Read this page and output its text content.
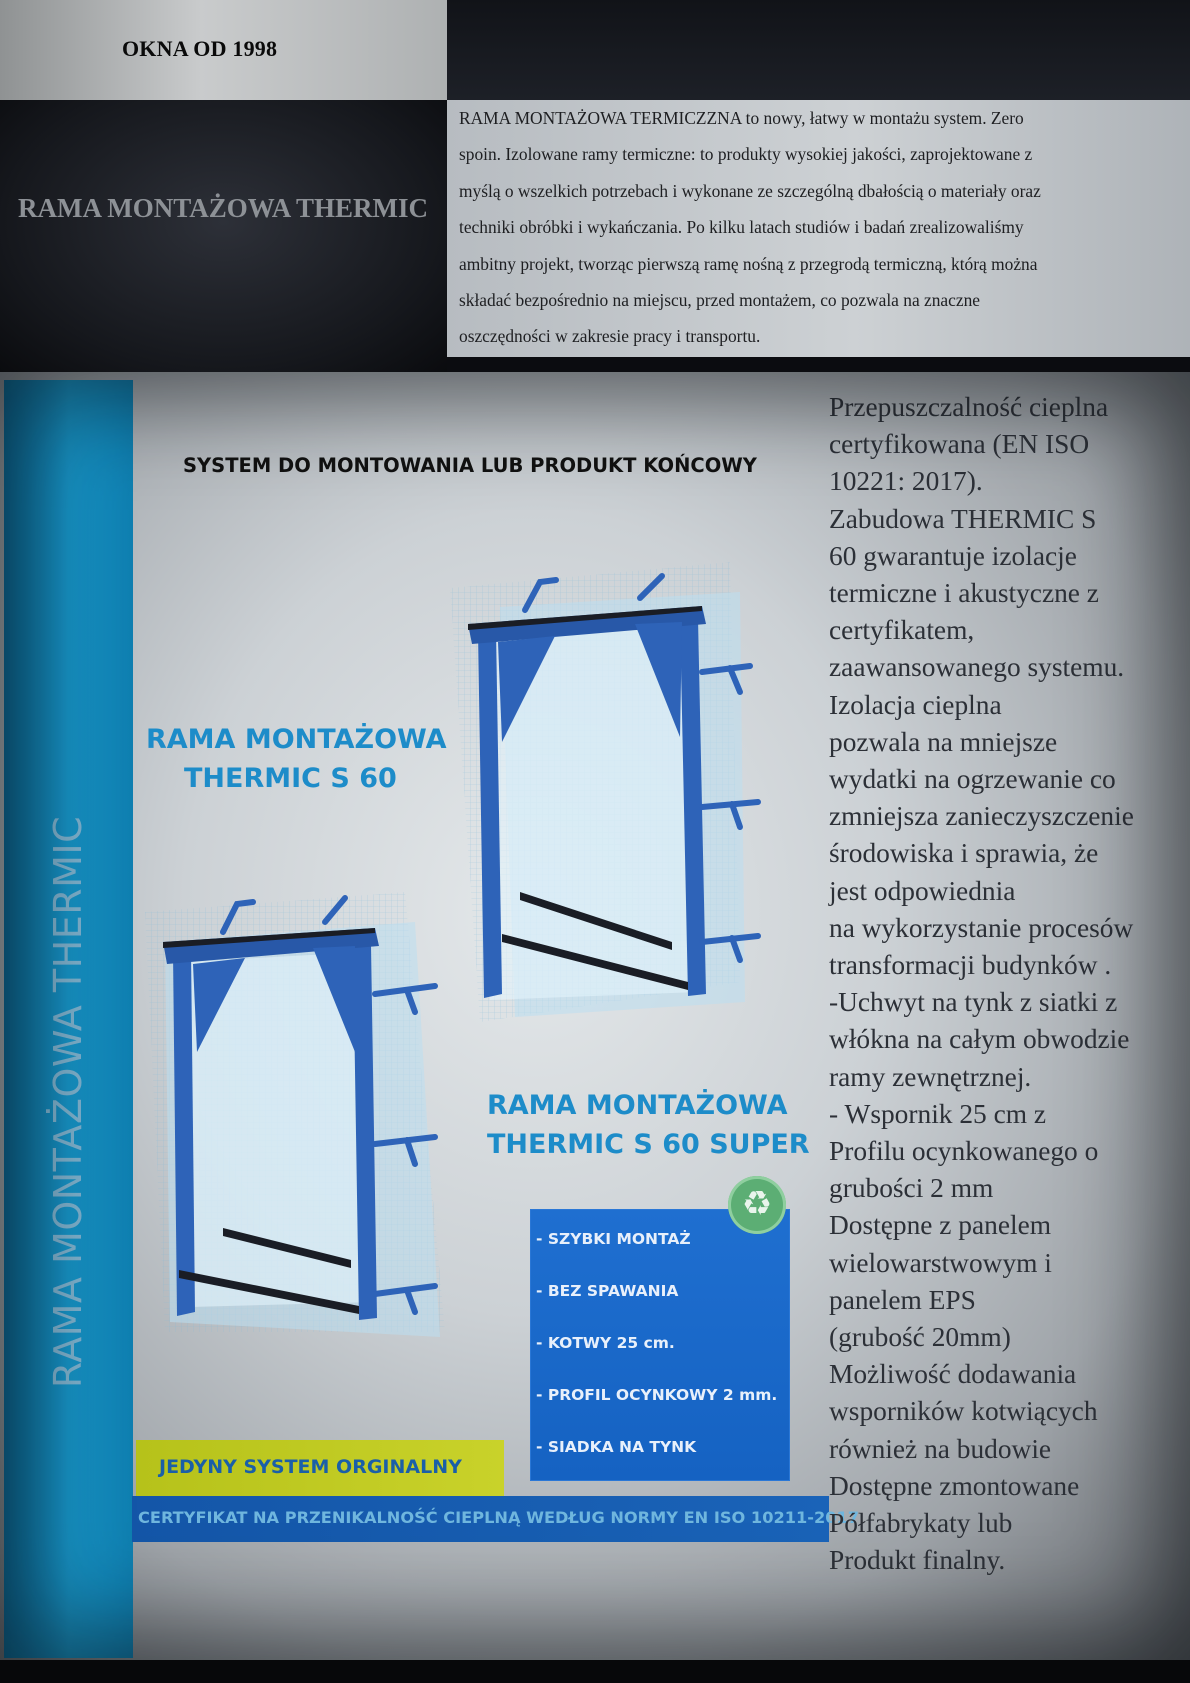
OKNA OD 1998
RAMA MONTAŻOWA THERMIC
RAMA MONTAŻOWA TERMICZZNA to nowy, łatwy w montażu system. Zero
spoin. Izolowane ramy termiczne: to produkty wysokiej jakości, zaprojektowane z
myślą o wszelkich potrzebach i wykonane ze szczególną dbałością o materiały oraz
techniki obróbki i wykańczania. Po kilku latach studiów i badań zrealizowaliśmy
ambitny projekt, tworząc pierwszą ramę nośną z przegrodą termiczną, którą można
składać bezpośrednio na miejscu, przed montażem, co pozwala na znaczne
oszczędności w zakresie pracy i transportu.
RAMA MONTAŻOWA THERMIC
SYSTEM DO MONTOWANIA LUB PRODUKT KOŃCOWY
RAMA MONTAŻOWA
THERMIC S 60
RAMA MONTAŻOWA
THERMIC S 60 SUPER
- SZYBKI MONTAŻ
- BEZ SPAWANIA
- KOTWY 25 cm.
- PROFIL OCYNKOWY 2 mm.
- SIADKA NA TYNK
♻
JEDYNY SYSTEM ORGINALNY
CERTYFIKAT NA PRZENIKALNOŚĆ CIEPLNĄ WEDŁUG NORMY EN ISO 10211-2017
Przepuszczalność cieplna
certyfikowana (EN ISO
10221: 2017).
Zabudowa THERMIC S
60 gwarantuje izolacje
termiczne i akustyczne z
certyfikatem,
zaawansowanego systemu.
Izolacja cieplna
pozwala na mniejsze
wydatki na ogrzewanie co
zmniejsza zanieczyszczenie
środowiska i sprawia, że
jest odpowiednia
na wykorzystanie procesów
transformacji budynków .
-Uchwyt na tynk z siatki z
włókna na całym obwodzie
ramy zewnętrznej.
- Wspornik 25 cm z
Profilu ocynkowanego o
grubości 2 mm
Dostępne z panelem
wielowarstwowym i
panelem EPS
(grubość 20mm)
Możliwość dodawania
wsporników kotwiących
również na budowie
Dostępne zmontowane
Półfabrykaty lub
Produkt finalny.
